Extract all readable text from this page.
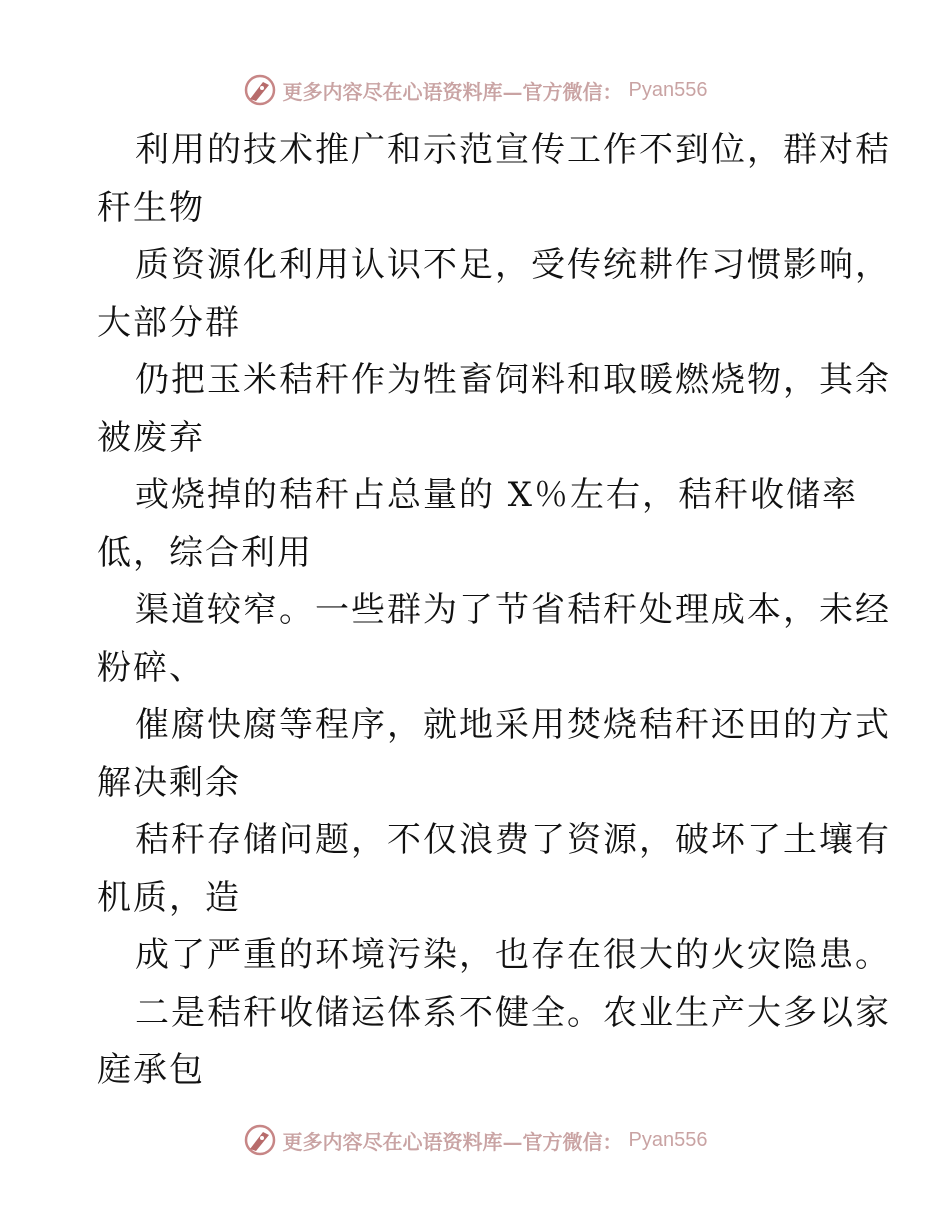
更多内容尽在心语资料库—官方微信： Pyan556
利用的技术推广和示范宣传工作不到位，群对秸
秆生物
质资源化利用认识不足，受传统耕作习惯影响，
大部分群
仍把玉米秸秆作为牲畜饲料和取暖燃烧物，其余
被废弃
或烧掉的秸秆占总量的 X％左右，秸秆收储率
低，综合利用
渠道较窄。一些群为了节省秸秆处理成本，未经
粉碎、
催腐快腐等程序，就地采用焚烧秸秆还田的方式
解决剩余
秸秆存储问题，不仅浪费了资源，破坏了土壤有
机质，造
成了严重的环境污染，也存在很大的火灾隐患。
二是秸秆收储运体系不健全。农业生产大多以家
庭承包
更多内容尽在心语资料库—官方微信： Pyan556
